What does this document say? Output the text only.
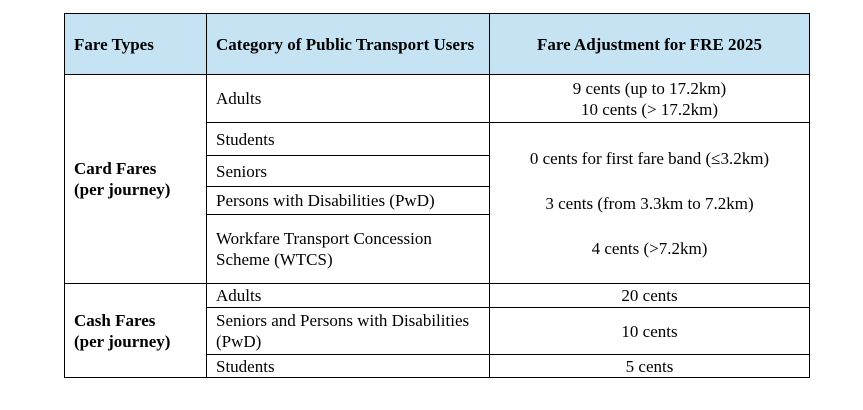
Fare Types	Category of Public Transport Users	Fare Adjustment for FRE 2025

Card Fares
(per journey)	Adults	9 cents (up to 17.2km)
10 cents (> 17.2km)

	Students	0 cents for first fare band (≤3.2km)
3 cents (from 3.3km to 7.2km)
4 cents (>7.2km)

	Seniors	
	Persons with Disabilities (PwD)	
	Workfare Transport Concession Scheme (WTCS)	

Cash Fares
(per journey)	Adults	20 cents
	Seniors and Persons with Disabilities (PwD)	10 cents
	Students	5 cents
